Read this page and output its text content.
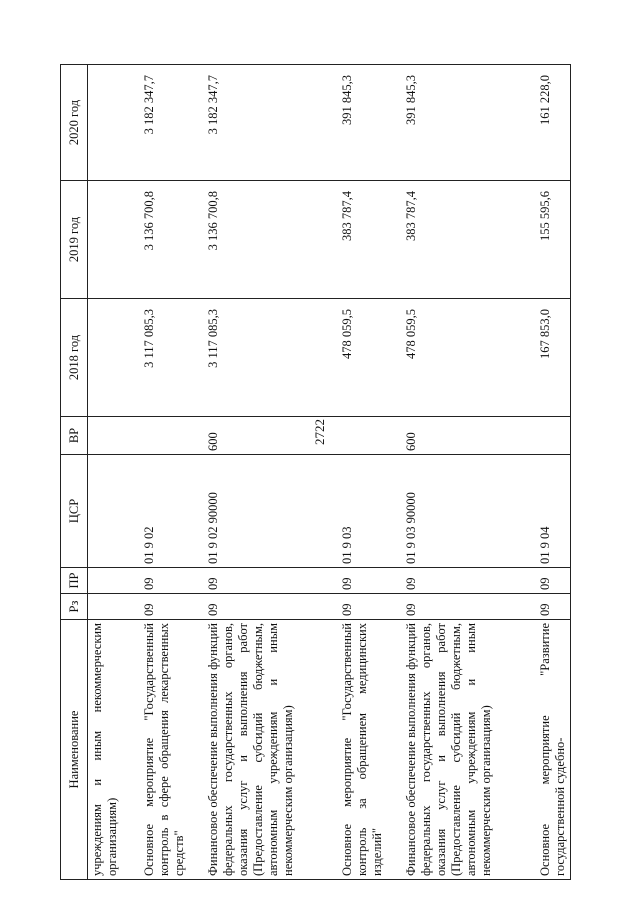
2722
Наименование	Рз	ПР	ЦСР	ВР	2018 год	2019 год	2020 год
учреждениям и иным некоммерческим организациям)							
Основное мероприятие "Государственный контроль в сфере обращения лекарственных средств"	09	09	01 9 02		3 117 085,3	3 136 700,8	3 182 347,7
Финансовое обеспечение выполнения функций федеральных государственных органов, оказания услуг и выполнения работ (Предоставление субсидий бюджетным, автономным учреждениям и иным некоммерческим организациям)	09	09	01 9 02 90000	600	3 117 085,3	3 136 700,8	3 182 347,7
Основное мероприятие "Государственный контроль за обращением медицинских изделий"	09	09	01 9 03		478 059,5	383 787,4	391 845,3
Финансовое обеспечение выполнения функций федеральных государственных органов, оказания услуг и выполнения работ (Предоставление субсидий бюджетным, автономным учреждениям и иным некоммерческим организациям)	09	09	01 9 03 90000	600	478 059,5	383 787,4	391 845,3
Основное мероприятие "Развитие государственной судебно-	09	09	01 9 04		167 853,0	155 595,6	161 228,0
